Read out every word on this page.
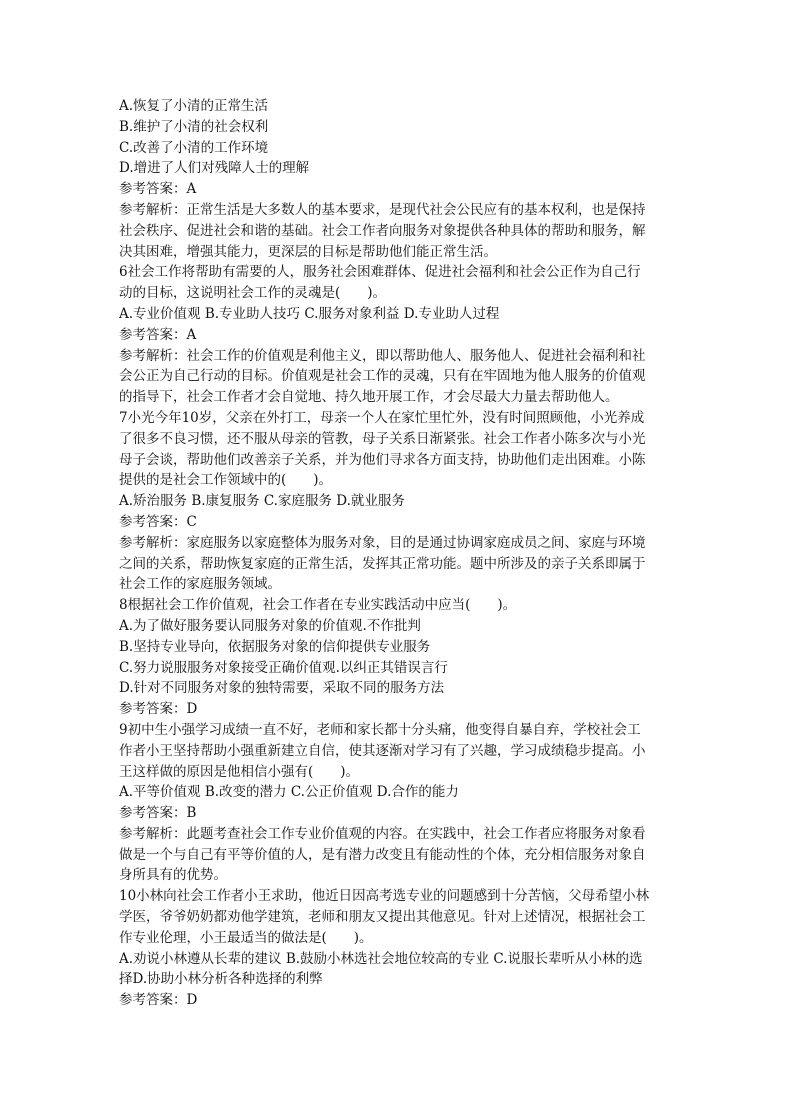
A.恢复了小清的正常生活
B.维护了小清的社会权利
C.改善了小清的工作环境
D.增进了人们对残障人士的理解
参考答案：A
参考解析：正常生活是大多数人的基本要求，是现代社会公民应有的基本权利，也是保持
社会秩序、促进社会和谐的基础。社会工作者向服务对象提供各种具体的帮助和服务，解
决其困难，增强其能力，更深层的目标是帮助他们能正常生活。
6社会工作将帮助有需要的人，服务社会困难群体、促进社会福利和社会公正作为自己行
动的目标，这说明社会工作的灵魂是(　　)。
A.专业价值观 B.专业助人技巧 C.服务对象利益 D.专业助人过程
参考答案：A
参考解析：社会工作的价值观是利他主义，即以帮助他人、服务他人、促进社会福利和社
会公正为自己行动的目标。价值观是社会工作的灵魂，只有在牢固地为他人服务的价值观
的指导下，社会工作者才会自觉地、持久地开展工作，才会尽最大力量去帮助他人。
7小光今年10岁，父亲在外打工，母亲一个人在家忙里忙外，没有时间照顾他，小光养成
了很多不良习惯，还不服从母亲的管教，母子关系日渐紧张。社会工作者小陈多次与小光
母子会谈，帮助他们改善亲子关系，并为他们寻求各方面支持，协助他们走出困难。小陈
提供的是社会工作领域中的(　　)。
A.矫治服务 B.康复服务 C.家庭服务 D.就业服务
参考答案：C
参考解析：家庭服务以家庭整体为服务对象，目的是通过协调家庭成员之间、家庭与环境
之间的关系，帮助恢复家庭的正常生活，发挥其正常功能。题中所涉及的亲子关系即属于
社会工作的家庭服务领域。
8根据社会工作价值观，社会工作者在专业实践活动中应当(　　)。
A.为了做好服务要认同服务对象的价值观.不作批判
B.坚持专业导向，依据服务对象的信仰提供专业服务
C.努力说服服务对象接受正确价值观.以纠正其错误言行
D.针对不同服务对象的独特需要，采取不同的服务方法
参考答案：D
9初中生小强学习成绩一直不好，老师和家长都十分头痛，他变得自暴自弃，学校社会工
作者小王坚持帮助小强重新建立自信，使其逐渐对学习有了兴趣，学习成绩稳步提高。小
王这样做的原因是他相信小强有(　　)。
A.平等价值观 B.改变的潜力 C.公正价值观 D.合作的能力
参考答案：B
参考解析：此题考查社会工作专业价值观的内容。在实践中，社会工作者应将服务对象看
做是一个与自己有平等价值的人，是有潜力改变且有能动性的个体，充分相信服务对象自
身所具有的优势。
10小林向社会工作者小王求助，他近日因高考选专业的问题感到十分苦恼，父母希望小林
学医，爷爷奶奶都劝他学建筑，老师和朋友又提出其他意见。针对上述情况，根据社会工
作专业伦理，小王最适当的做法是(　　)。
A.劝说小林遵从长辈的建议 B.鼓励小林选社会地位较高的专业 C.说服长辈听从小林的选
择D.协助小林分析各种选择的利弊
参考答案：D
